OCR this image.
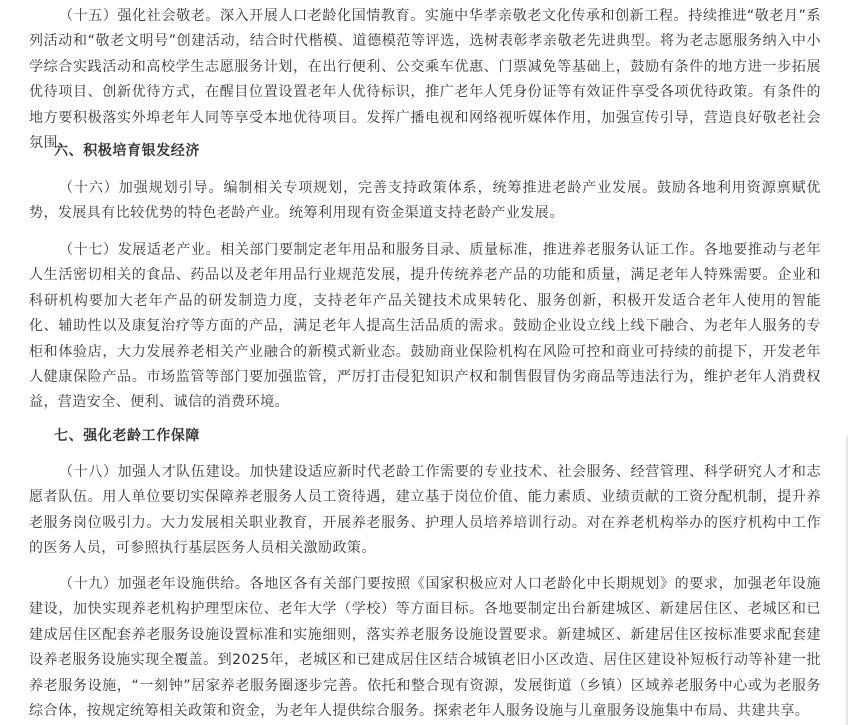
（十五）强化社会敬老。深入开展人口老龄化国情教育。实施中华孝亲敬老文化传承和创新工程。持续推进“敬老月”系列活动和“敬老文明号”创建活动，结合时代楷模、道德模范等评选，选树表彰孝亲敬老先进典型。将为老志愿服务纳入中小学综合实践活动和高校学生志愿服务计划，在出行便利、公交乘车优惠、门票减免等基础上，鼓励有条件的地方进一步拓展优待项目、创新优待方式，在醒目位置设置老年人优待标识，推广老年人凭身份证等有效证件享受各项优待政策。有条件的地方要积极落实外埠老年人同等享受本地优待项目。发挥广播电视和网络视听媒体作用，加强宣传引导，营造良好敬老社会氛围。

六、积极培育银发经济

（十六）加强规划引导。编制相关专项规划，完善支持政策体系，统筹推进老龄产业发展。鼓励各地利用资源禀赋优势，发展具有比较优势的特色老龄产业。统筹利用现有资金渠道支持老龄产业发展。

（十七）发展适老产业。相关部门要制定老年用品和服务目录、质量标准，推进养老服务认证工作。各地要推动与老年人生活密切相关的食品、药品以及老年用品行业规范发展，提升传统养老产品的功能和质量，满足老年人特殊需要。企业和科研机构要加大老年产品的研发制造力度，支持老年产品关键技术成果转化、服务创新，积极开发适合老年人使用的智能化、辅助性以及康复治疗等方面的产品，满足老年人提高生活品质的需求。鼓励企业设立线上线下融合、为老年人服务的专柜和体验店，大力发展养老相关产业融合的新模式新业态。鼓励商业保险机构在风险可控和商业可持续的前提下，开发老年人健康保险产品。市场监管等部门要加强监管，严厉打击侵犯知识产权和制售假冒伪劣商品等违法行为，维护老年人消费权益，营造安全、便利、诚信的消费环境。

七、强化老龄工作保障

（十八）加强人才队伍建设。加快建设适应新时代老龄工作需要的专业技术、社会服务、经营管理、科学研究人才和志愿者队伍。用人单位要切实保障养老服务人员工资待遇，建立基于岗位价值、能力素质、业绩贡献的工资分配机制，提升养老服务岗位吸引力。大力发展相关职业教育，开展养老服务、护理人员培养培训行动。对在养老机构举办的医疗机构中工作的医务人员，可参照执行基层医务人员相关激励政策。

（十九）加强老年设施供给。各地区各有关部门要按照《国家积极应对人口老龄化中长期规划》的要求，加强老年设施建设，加快实现养老机构护理型床位、老年大学（学校）等方面目标。各地要制定出台新建城区、新建居住区、老城区和已建成居住区配套养老服务设施设置标准和实施细则，落实养老服务设施设置要求。新建城区、新建居住区按标准要求配套建设养老服务设施实现全覆盖。到2025年，老城区和已建成居住区结合城镇老旧小区改造、居住区建设补短板行动等补建一批养老服务设施，“一刻钟”居家养老服务圈逐步完善。依托和整合现有资源，发展街道（乡镇）区域养老服务中心或为老服务综合体，按规定统筹相关政策和资金，为老年人提供综合服务。探索老年人服务设施与儿童服务设施集中布局、共建共享。
